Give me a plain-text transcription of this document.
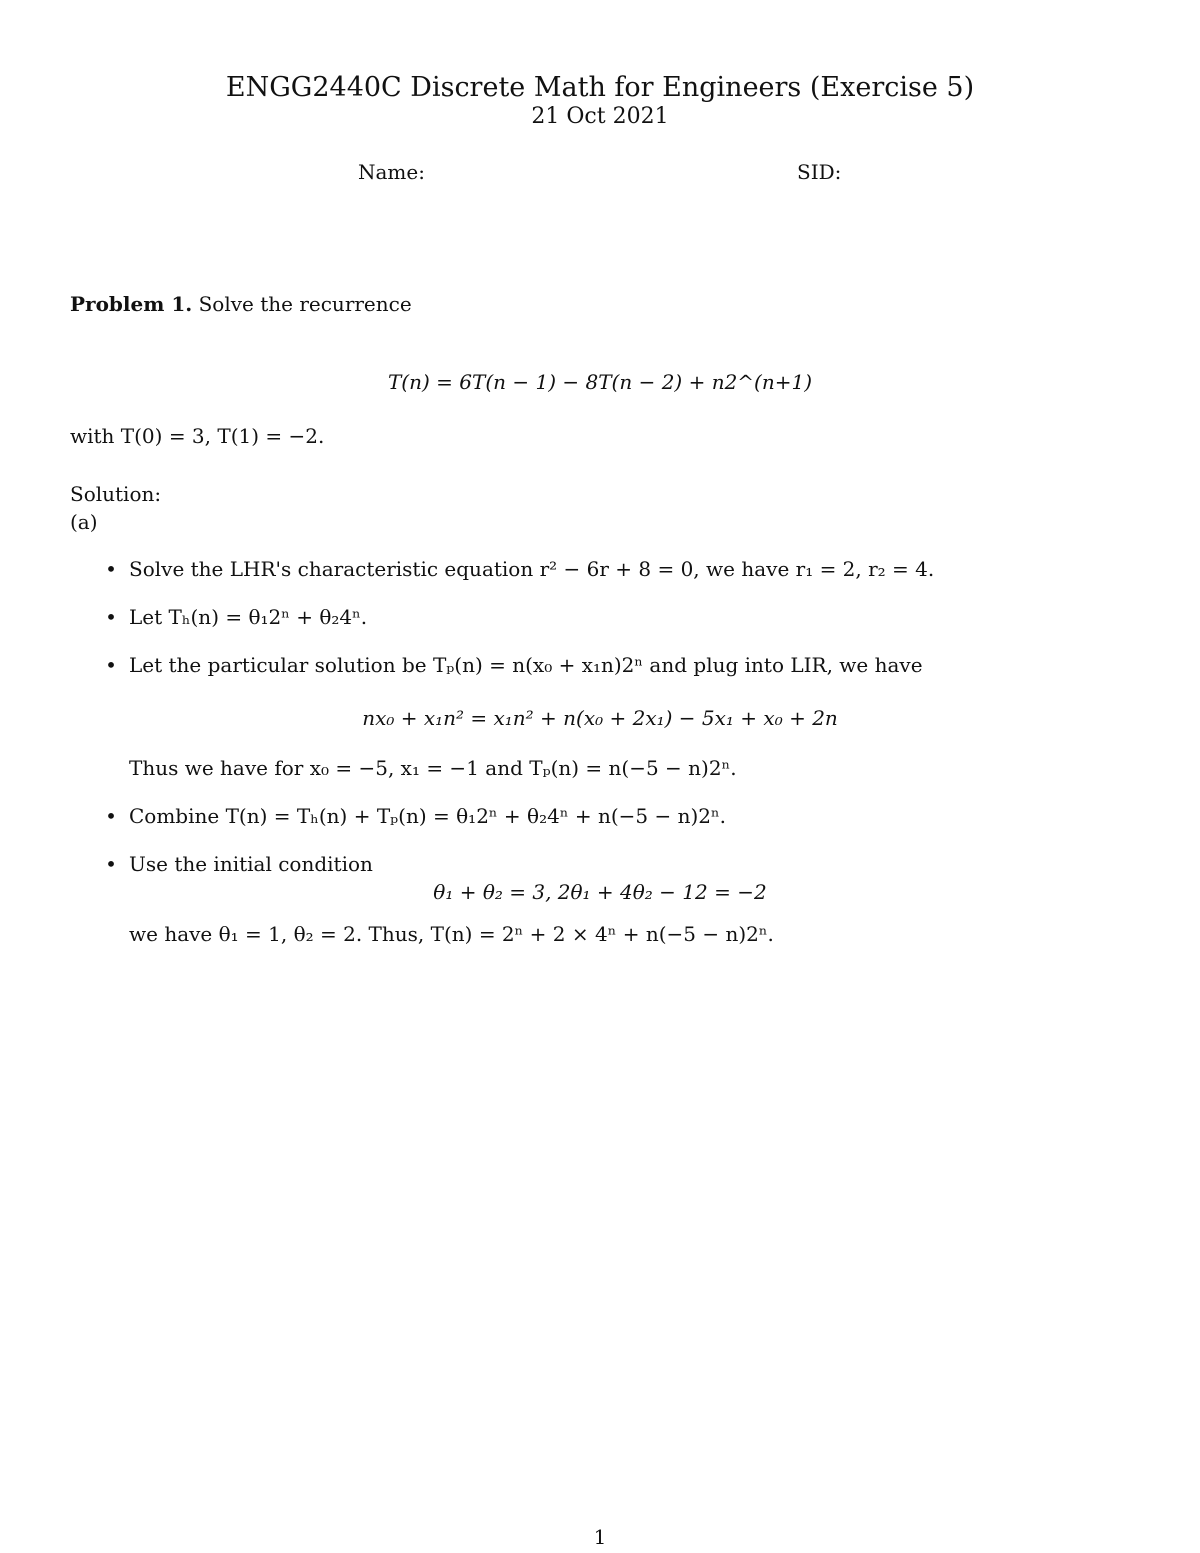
ENGG2440C Discrete Math for Engineers (Exercise 5)
21 Oct 2021
Name:	SID:
Problem 1. Solve the recurrence
T(n) = 6T(n − 1) − 8T(n − 2) + n2^(n+1)
with T(0) = 3, T(1) = −2.
Solution:
(a)
• Solve the LHR's characteristic equation r² − 6r + 8 = 0, we have r₁ = 2, r₂ = 4.
• Let Tₕ(n) = θ₁2ⁿ + θ₂4ⁿ.
• Let the particular solution be Tₚ(n) = n(x₀ + x₁n)2ⁿ and plug into LIR, we have
nx₀ + x₁n² = x₁n² + n(x₀ + 2x₁) − 5x₁ + x₀ + 2n
Thus we have for x₀ = −5, x₁ = −1 and Tₚ(n) = n(−5 − n)2ⁿ.
• Combine T(n) = Tₕ(n) + Tₚ(n) = θ₁2ⁿ + θ₂4ⁿ + n(−5 − n)2ⁿ.
• Use the initial condition
θ₁ + θ₂ = 3, 2θ₁ + 4θ₂ − 12 = −2
we have θ₁ = 1, θ₂ = 2. Thus, T(n) = 2ⁿ + 2 × 4ⁿ + n(−5 − n)2ⁿ.
1
